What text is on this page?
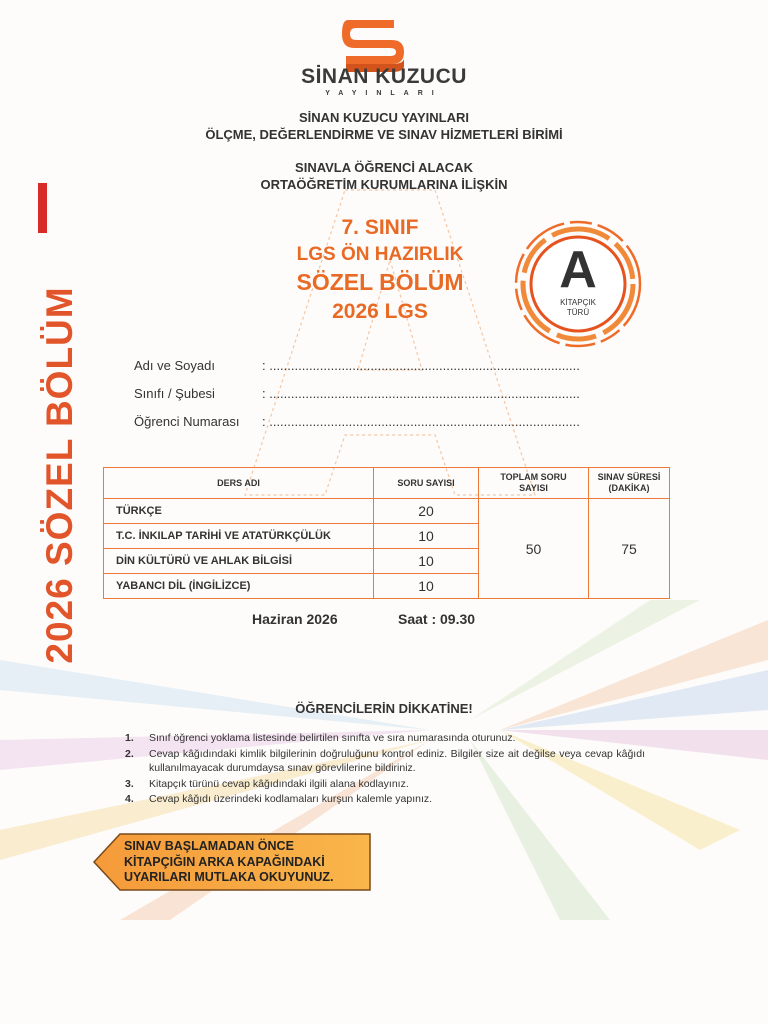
SİNAN KUZUCU
YAYINLARI
SİNAN KUZUCU YAYINLARI
ÖLÇME, DEĞERLENDİRME VE SINAV HİZMETLERİ BİRİMİ
SINAVLA ÖĞRENCİ ALACAK
ORTAÖĞRETİM KURUMLARINA İLİŞKİN
2026 SÖZEL BÖLÜM
7. SINIF
LGS ÖN HAZIRLIK
SÖZEL BÖLÜM
2026 LGS
A
KİTAPÇIK
TÜRÜ
Adı ve Soyadı	: ......................................................................................
Sınıfı / Şubesi	: ......................................................................................
Öğrenci Numarası : ......................................................................................
DERS ADI	SORU SAYISI	TOPLAM SORU SAYISI	SINAV SÜRESİ (DAKİKA)

TÜRKÇE	20	50	75
T.C. İNKILAP TARİHİ VE ATATÜRKÇÜLÜK	10		
DİN KÜLTÜRÜ VE AHLAK BİLGİSİ	10		
YABANCI DİL (İNGİLİZCE)	10		
Haziran 2026	Saat : 09.30
ÖĞRENCİLERİN DİKKATİNE!
1. Sınıf öğrenci yoklama listesinde belirtilen sınıfta ve sıra numarasında oturunuz.
2. Cevap kâğıdındaki kimlik bilgilerinin doğruluğunu kontrol ediniz. Bilgiler size ait değilse veya cevap kâğıdı kullanılmayacak durumdaysa sınav görevlilerine bildiriniz.
3. Kitapçık türünü cevap kâğıdındaki ilgili alana kodlayınız.
4. Cevap kâğıdı üzerindeki kodlamaları kurşun kalemle yapınız.
SINAV BAŞLAMADAN ÖNCE
KİTAPÇIĞIN ARKA KAPAĞINDAKİ
UYARILARI MUTLAKA OKUYUNUZ.
